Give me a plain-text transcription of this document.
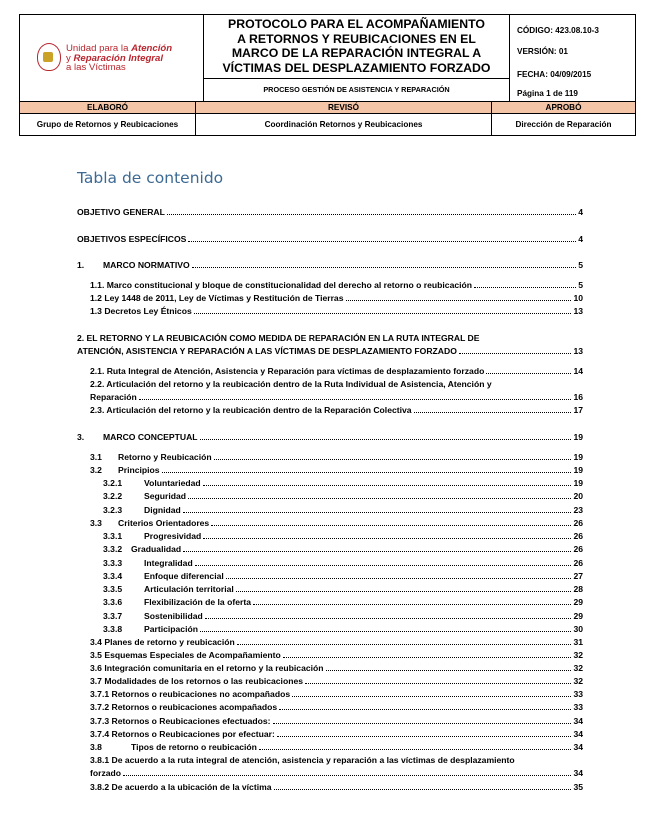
Unidad para la Atención
y Reparación Integral
a las Víctimas
PROTOCOLO PARA EL ACOMPAÑAMIENTO
A RETORNOS Y REUBICACIONES EN EL
MARCO DE LA REPARACIÓN INTEGRAL A
VÍCTIMAS DEL DESPLAZAMIENTO FORZADO
PROCESO GESTIÓN DE ASISTENCIA Y REPARACIÓN
CÓDIGO: 423.08.10-3
VERSIÓN: 01
FECHA: 04/09/2015
Página 1 de 119
ELABORÓ	REVISÓ	APROBÓ
Grupo de Retornos y Reubicaciones	Coordinación Retornos y Reubicaciones	Dirección de Reparación
Tabla de contenido
OBJETIVO GENERAL	4
OBJETIVOS ESPECÍFICOS	4
1. MARCO NORMATIVO	5
1.1. Marco constitucional y bloque de constitucionalidad del derecho al retorno o reubicación	5
1.2 Ley 1448 de 2011, Ley de Víctimas y Restitución de Tierras	10
1.3 Decretos Ley Étnicos	13
2. EL RETORNO Y LA REUBICACIÓN COMO MEDIDA DE REPARACIÓN EN LA RUTA INTEGRAL DE
ATENCIÓN, ASISTENCIA Y REPARACIÓN A LAS VÍCTIMAS DE DESPLAZAMIENTO FORZADO	13
2.1. Ruta Integral de Atención, Asistencia y Reparación para víctimas de desplazamiento forzado	14
2.2. Articulación del retorno y la reubicación dentro de la Ruta Individual de Asistencia, Atención y
Reparación	16
2.3. Articulación del retorno y la reubicación dentro de la Reparación Colectiva	17
3. MARCO CONCEPTUAL	19
3.1 Retorno y Reubicación	19
3.2 Principios	19
3.2.1	Voluntariedad	19
3.2.2	Seguridad	20
3.2.3	Dignidad	23
3.3 Criterios Orientadores	26
3.3.1	Progresividad	26
3.3.2 Gradualidad	26
3.3.3	Integralidad	26
3.3.4	Enfoque diferencial	27
3.3.5	Articulación territorial	28
3.3.6	Flexibilización de la oferta	29
3.3.7	Sostenibilidad	29
3.3.8	Participación	30
3.4 Planes de retorno y reubicación	31
3.5 Esquemas Especiales de Acompañamiento	32
3.6 Integración comunitaria en el retorno y la reubicación	32
3.7 Modalidades de los retornos o las reubicaciones	32
3.7.1 Retornos o reubicaciones no acompañados	33
3.7.2 Retornos o reubicaciones acompañados	33
3.7.3 Retornos o Reubicaciones efectuados:	34
3.7.4 Retornos o Reubicaciones por efectuar:	34
3.8	Tipos de retorno o reubicación	34
3.8.1 De acuerdo a la ruta integral de atención, asistencia y reparación a las víctimas de desplazamiento
forzado	34
3.8.2 De acuerdo a la ubicación de la víctima	35
